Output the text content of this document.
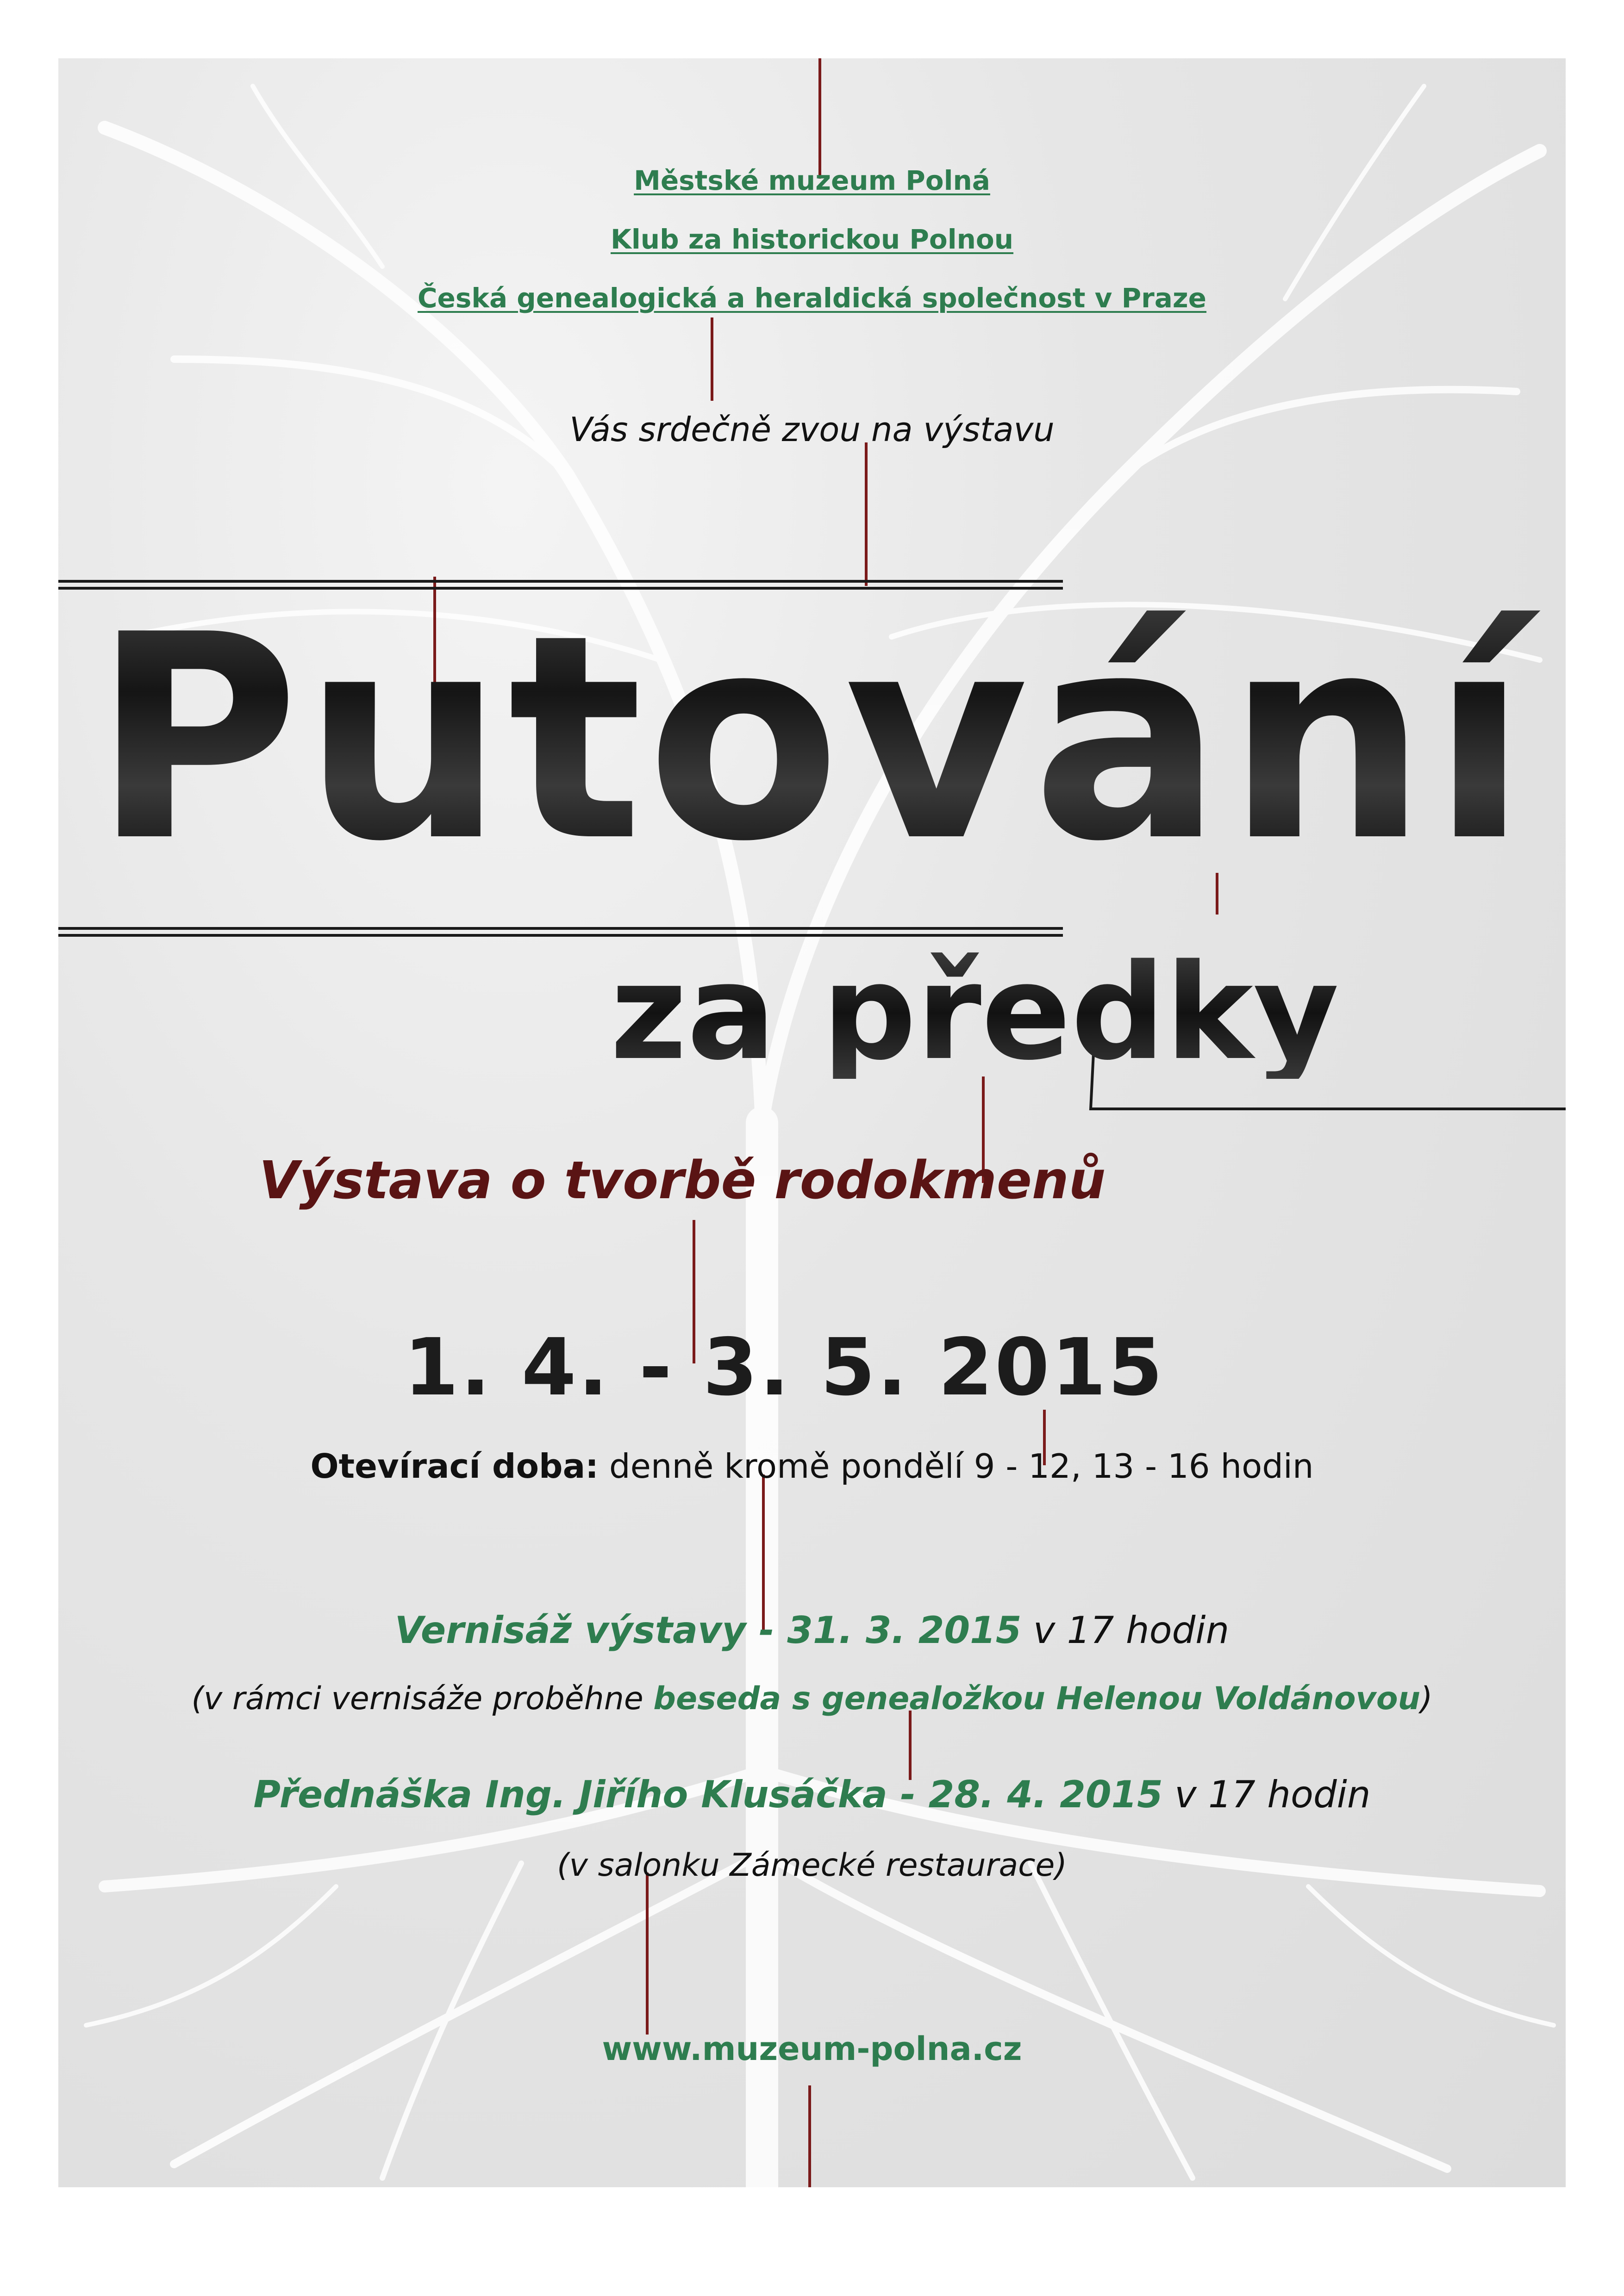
Městské muzeum Polná
Klub za historickou Polnou
Česká genealogická a heraldická společnost v Praze
Vás srdečně zvou na výstavu
Putování
za předky
Výstava o tvorbě rodokmenů
1. 4. - 3. 5. 2015
Otevírací doba: denně kromě pondělí 9 - 12, 13 - 16 hodin
Vernisáž výstavy - 31. 3. 2015 v 17 hodin
(v rámci vernisáže proběhne beseda s genealožkou Helenou Voldánovou)
Přednáška Ing. Jiřího Klusáčka - 28. 4. 2015 v 17 hodin
(v salonku Zámecké restaurace)
www.muzeum-polna.cz
